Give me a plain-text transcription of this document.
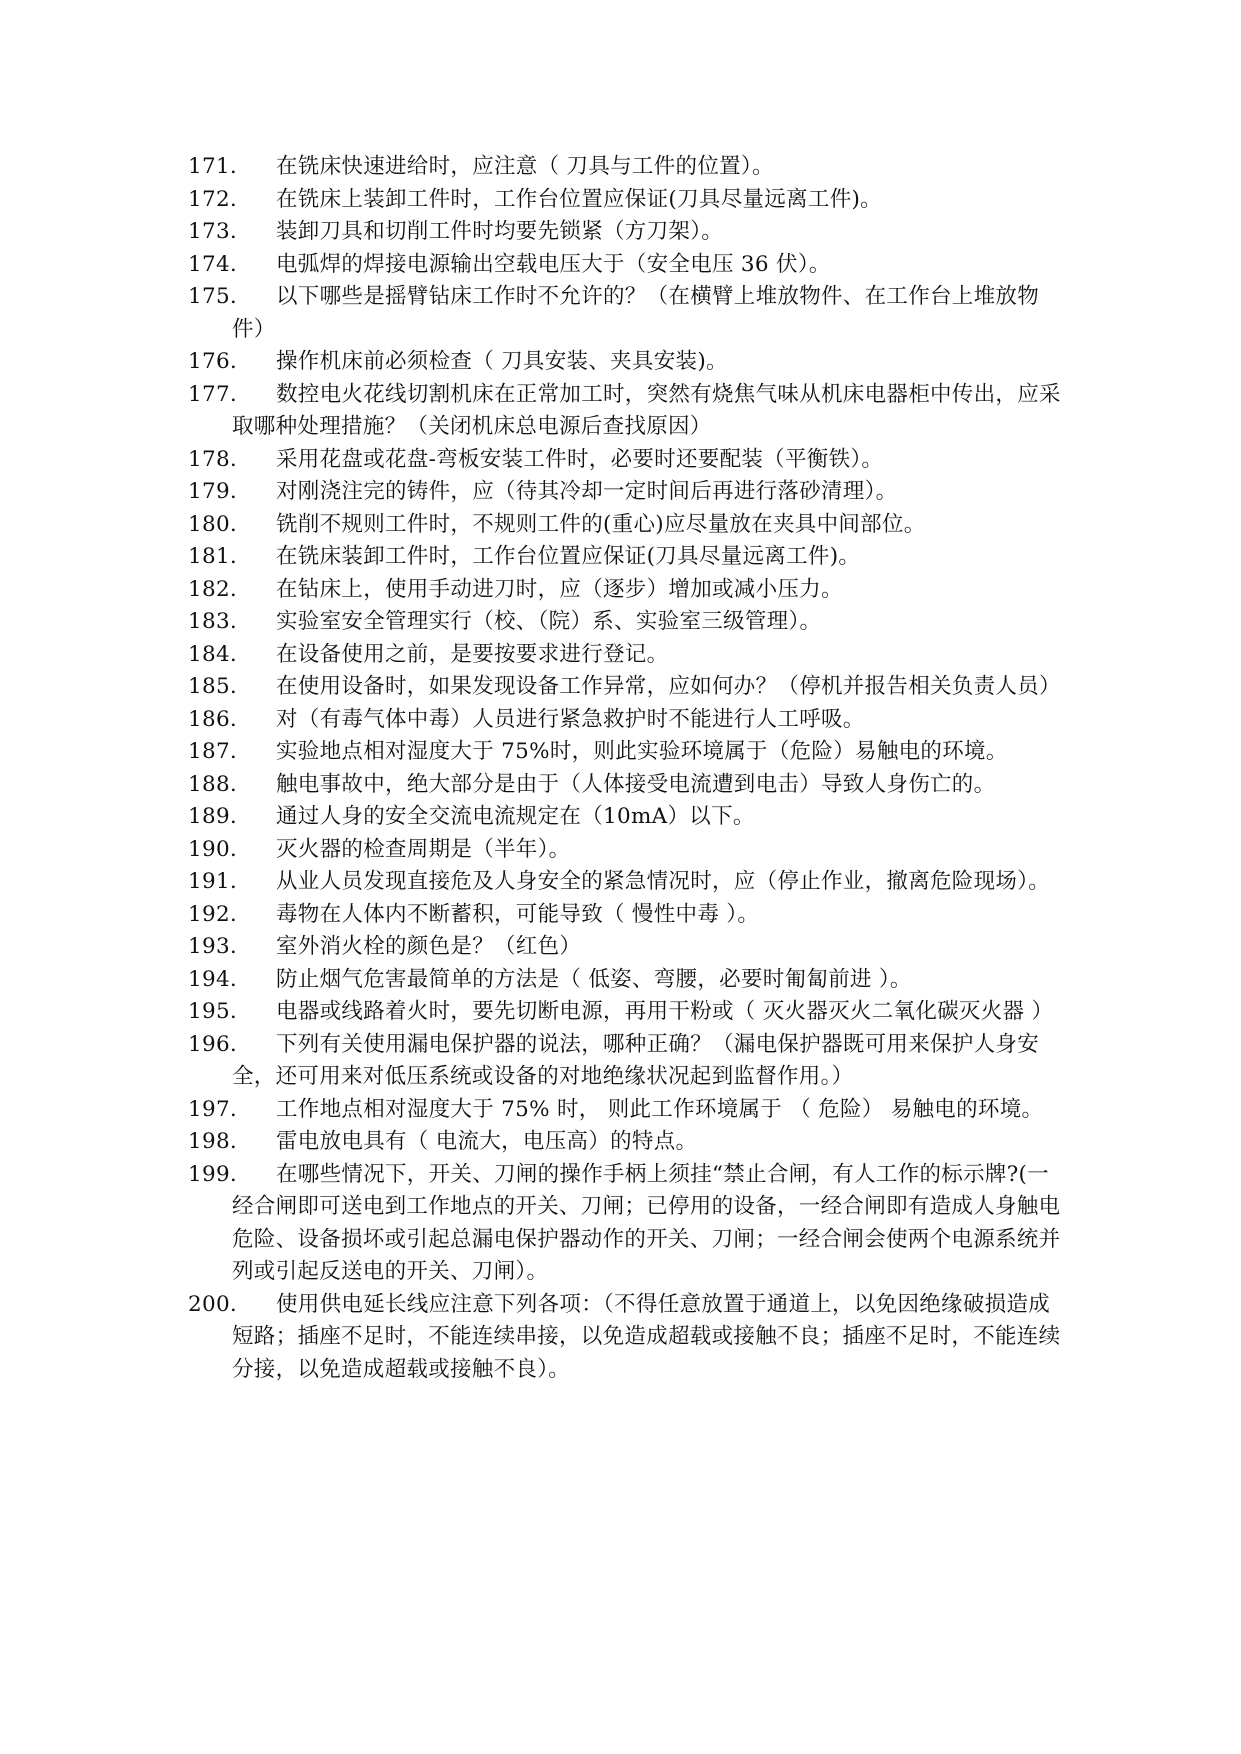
171.	在铣床快速进给时，应注意（ 刀具与工件的位置）。
172.	在铣床上装卸工件时，工作台位置应保证(刀具尽量远离工件)。
173.	装卸刀具和切削工件时均要先锁紧（方刀架）。
174.	电弧焊的焊接电源输出空载电压大于（安全电压 36 伏）。
175.	以下哪些是摇臂钻床工作时不允许的？（在横臂上堆放物件、在工作台上堆放物件）
176.	操作机床前必须检查（ 刀具安装、夹具安装)。
177.	数控电火花线切割机床在正常加工时，突然有烧焦气味从机床电器柜中传出，应采取哪种处理措施？（关闭机床总电源后查找原因）
178.	采用花盘或花盘-弯板安装工件时，必要时还要配装（平衡铁）。
179.	对刚浇注完的铸件，应（待其冷却一定时间后再进行落砂清理）。
180.	铣削不规则工件时，不规则工件的(重心)应尽量放在夹具中间部位。
181.	在铣床装卸工件时，工作台位置应保证(刀具尽量远离工件)。
182.	在钻床上，使用手动进刀时，应（逐步）增加或减小压力。
183.	实验室安全管理实行（校、（院）系、实验室三级管理）。
184.	在设备使用之前，是要按要求进行登记。
185.	在使用设备时，如果发现设备工作异常，应如何办？（停机并报告相关负责人员）
186.	对（有毒气体中毒）人员进行紧急救护时不能进行人工呼吸。
187.	实验地点相对湿度大于 75%时，则此实验环境属于（危险）易触电的环境。
188.	触电事故中，绝大部分是由于（人体接受电流遭到电击）导致人身伤亡的。
189.	通过人身的安全交流电流规定在（10mA）以下。
190.	灭火器的检查周期是（半年）。
191.	从业人员发现直接危及人身安全的紧急情况时，应（停止作业，撤离危险现场）。
192.	毒物在人体内不断蓄积，可能导致（ 慢性中毒 ）。
193.	室外消火栓的颜色是？（红色）
194.	防止烟气危害最简单的方法是（ 低姿、弯腰，必要时匍匐前进 ）。
195.	电器或线路着火时，要先切断电源，再用干粉或（ 灭火器灭火二氧化碳灭火器 ）
196.	下列有关使用漏电保护器的说法，哪种正确？（漏电保护器既可用来保护人身安全，还可用来对低压系统或设备的对地绝缘状况起到监督作用。）
197.	工作地点相对湿度大于 75% 时， 则此工作环境属于 （ 危险） 易触电的环境。
198.	雷电放电具有（ 电流大，电压高）的特点。
199.	在哪些情况下，开关、刀闸的操作手柄上须挂“禁止合闸，有人工作的标示牌?(一经合闸即可送电到工作地点的开关、刀闸；已停用的设备，一经合闸即有造成人身触电危险、设备损坏或引起总漏电保护器动作的开关、刀闸；一经合闸会使两个电源系统并列或引起反送电的开关、刀闸）。
200.	使用供电延长线应注意下列各项：（不得任意放置于通道上，以免因绝缘破损造成短路；插座不足时，不能连续串接，以免造成超载或接触不良；插座不足时，不能连续分接，以免造成超载或接触不良）。
